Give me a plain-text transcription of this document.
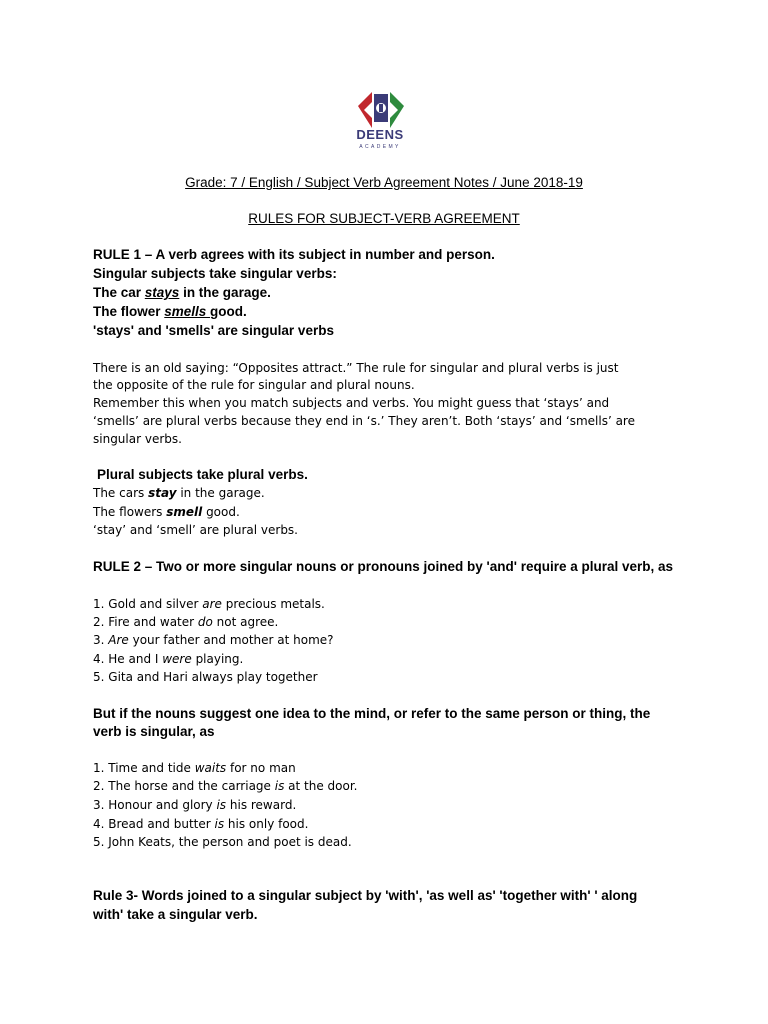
DEENS
ACADEMY
Grade: 7 / English / Subject Verb Agreement Notes / June 2018-19
RULES FOR SUBJECT-VERB AGREEMENT
RULE 1 – A verb agrees with its subject in number and person.
Singular subjects take singular verbs:
The car stays in the garage.
The flower smells good.
'stays' and 'smells' are singular verbs
There is an old saying: “Opposites attract.” The rule for singular and plural verbs is just
the opposite of the rule for singular and plural nouns.
Remember this when you match subjects and verbs. You might guess that ‘stays’ and
‘smells’ are plural verbs because they end in ‘s.’ They aren’t. Both ‘stays’ and ‘smells’ are
singular verbs.
Plural subjects take plural verbs.
The cars stay in the garage.
The flowers smell good.
‘stay’ and ‘smell’ are plural verbs.
RULE 2 – Two or more singular nouns or pronouns joined by 'and' require a plural verb, as
1. Gold and silver are precious metals.
2. Fire and water do not agree.
3. Are your father and mother at home?
4. He and I were playing.
5. Gita and Hari always play together
But if the nouns suggest one idea to the mind, or refer to the same person or thing, the
verb is singular, as
1. Time and tide waits for no man
2. The horse and the carriage is at the door.
3. Honour and glory is his reward.
4. Bread and butter is his only food.
5. John Keats, the person and poet is dead.
Rule 3- Words joined to a singular subject by 'with', 'as well as' 'together with' ' along
with' take a singular verb.
